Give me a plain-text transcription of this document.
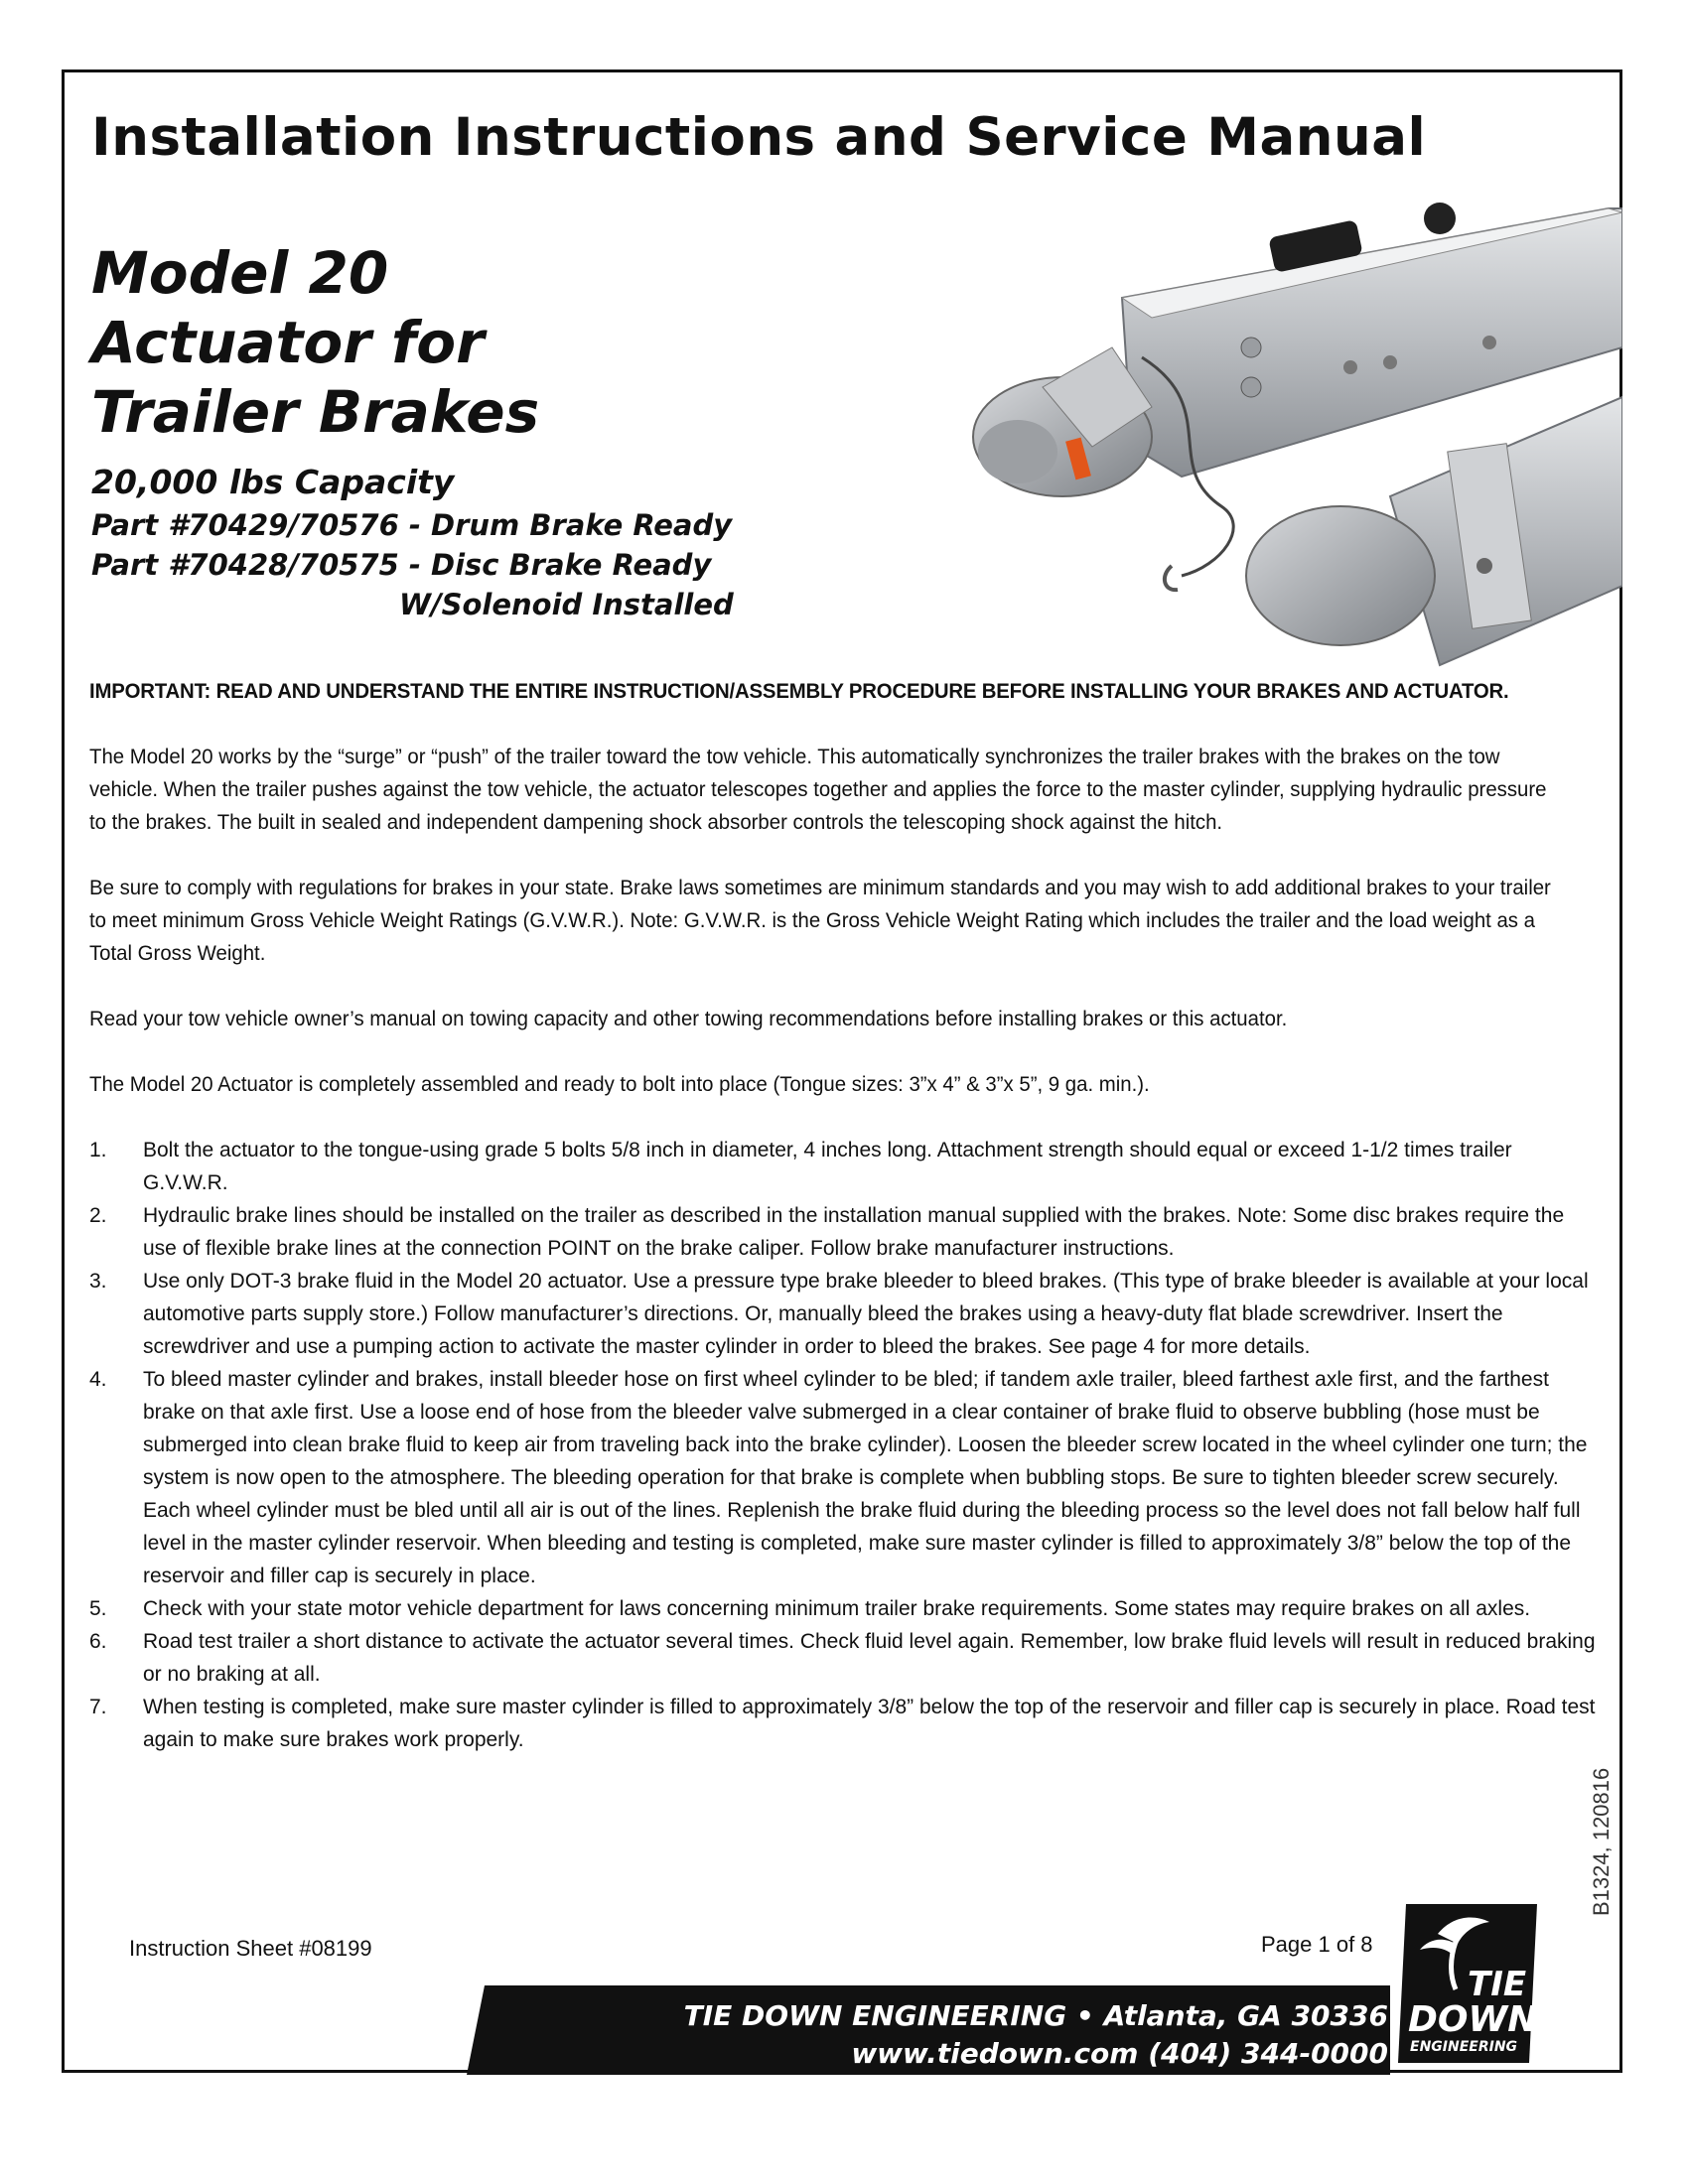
Installation Instructions and Service Manual
Model 20
Actuator for
Trailer Brakes
20,000 lbs Capacity
Part #70429/70576 - Drum Brake Ready
Part #70428/70575 - Disc Brake Ready
W/Solenoid Installed

IMPORTANT: READ AND UNDERSTAND THE ENTIRE INSTRUCTION/ASSEMBLY PROCEDURE BEFORE INSTALLING YOUR BRAKES AND ACTUATOR.

The Model 20 works by the “surge” or “push” of the trailer toward the tow vehicle. This automatically synchronizes the trailer brakes with the brakes on the tow vehicle. When the trailer pushes against the tow vehicle, the actuator telescopes together and applies the force to the master cylinder, supplying hydraulic pressure to the brakes. The built in sealed and independent dampening shock absorber controls the telescoping shock against the hitch.

Be sure to comply with regulations for brakes in your state. Brake laws sometimes are minimum standards and you may wish to add additional brakes to your trailer to meet minimum Gross Vehicle Weight Ratings (G.V.W.R.). Note: G.V.W.R. is the Gross Vehicle Weight Rating which includes the trailer and the load weight as a Total Gross Weight.

Read your tow vehicle owner’s manual on towing capacity and other towing recommendations before installing brakes or this actuator.

The Model 20 Actuator is completely assembled and ready to bolt into place (Tongue sizes: 3”x 4” & 3”x 5”, 9 ga. min.).

1. Bolt the actuator to the tongue-using grade 5 bolts 5/8 inch in diameter, 4 inches long. Attachment strength should equal or exceed 1-1/2 times trailer G.V.W.R.
2. Hydraulic brake lines should be installed on the trailer as described in the installation manual supplied with the brakes. Note: Some disc brakes require the use of flexible brake lines at the connection POINT on the brake caliper. Follow brake manufacturer instructions.
3. Use only DOT-3 brake fluid in the Model 20 actuator. Use a pressure type brake bleeder to bleed brakes. (This type of brake bleeder is available at your local automotive parts supply store.) Follow manufacturer’s directions. Or, manually bleed the brakes using a heavy-duty flat blade screwdriver. Insert the screwdriver and use a pumping action to activate the master cylinder in order to bleed the brakes. See page 4 for more details.
4. To bleed master cylinder and brakes, install bleeder hose on first wheel cylinder to be bled; if tandem axle trailer, bleed farthest axle first, and the farthest brake on that axle first. Use a loose end of hose from the bleeder valve submerged in a clear container of brake fluid to observe bubbling (hose must be submerged into clean brake fluid to keep air from traveling back into the brake cylinder). Loosen the bleeder screw located in the wheel cylinder one turn; the system is now open to the atmosphere. The bleeding operation for that brake is complete when bubbling stops. Be sure to tighten bleeder screw securely. Each wheel cylinder must be bled until all air is out of the lines. Replenish the brake fluid during the bleeding process so the level does not fall below half full level in the master cylinder reservoir. When bleeding and testing is completed, make sure master cylinder is filled to approximately 3/8” below the top of the reservoir and filler cap is securely in place.
5. Check with your state motor vehicle department for laws concerning minimum trailer brake requirements. Some states may require brakes on all axles.
6. Road test trailer a short distance to activate the actuator several times. Check fluid level again. Remember, low brake fluid levels will result in reduced braking or no braking at all.
7. When testing is completed, make sure master cylinder is filled to approximately 3/8” below the top of the reservoir and filler cap is securely in place. Road test again to make sure brakes work properly.
Instruction Sheet #08199	Page 1 of 8
TIE DOWN ENGINEERING • Atlanta, GA 30336
www.tiedown.com (404) 344-0000
TIE
DOWN
ENGINEERING
B1324, 120816
